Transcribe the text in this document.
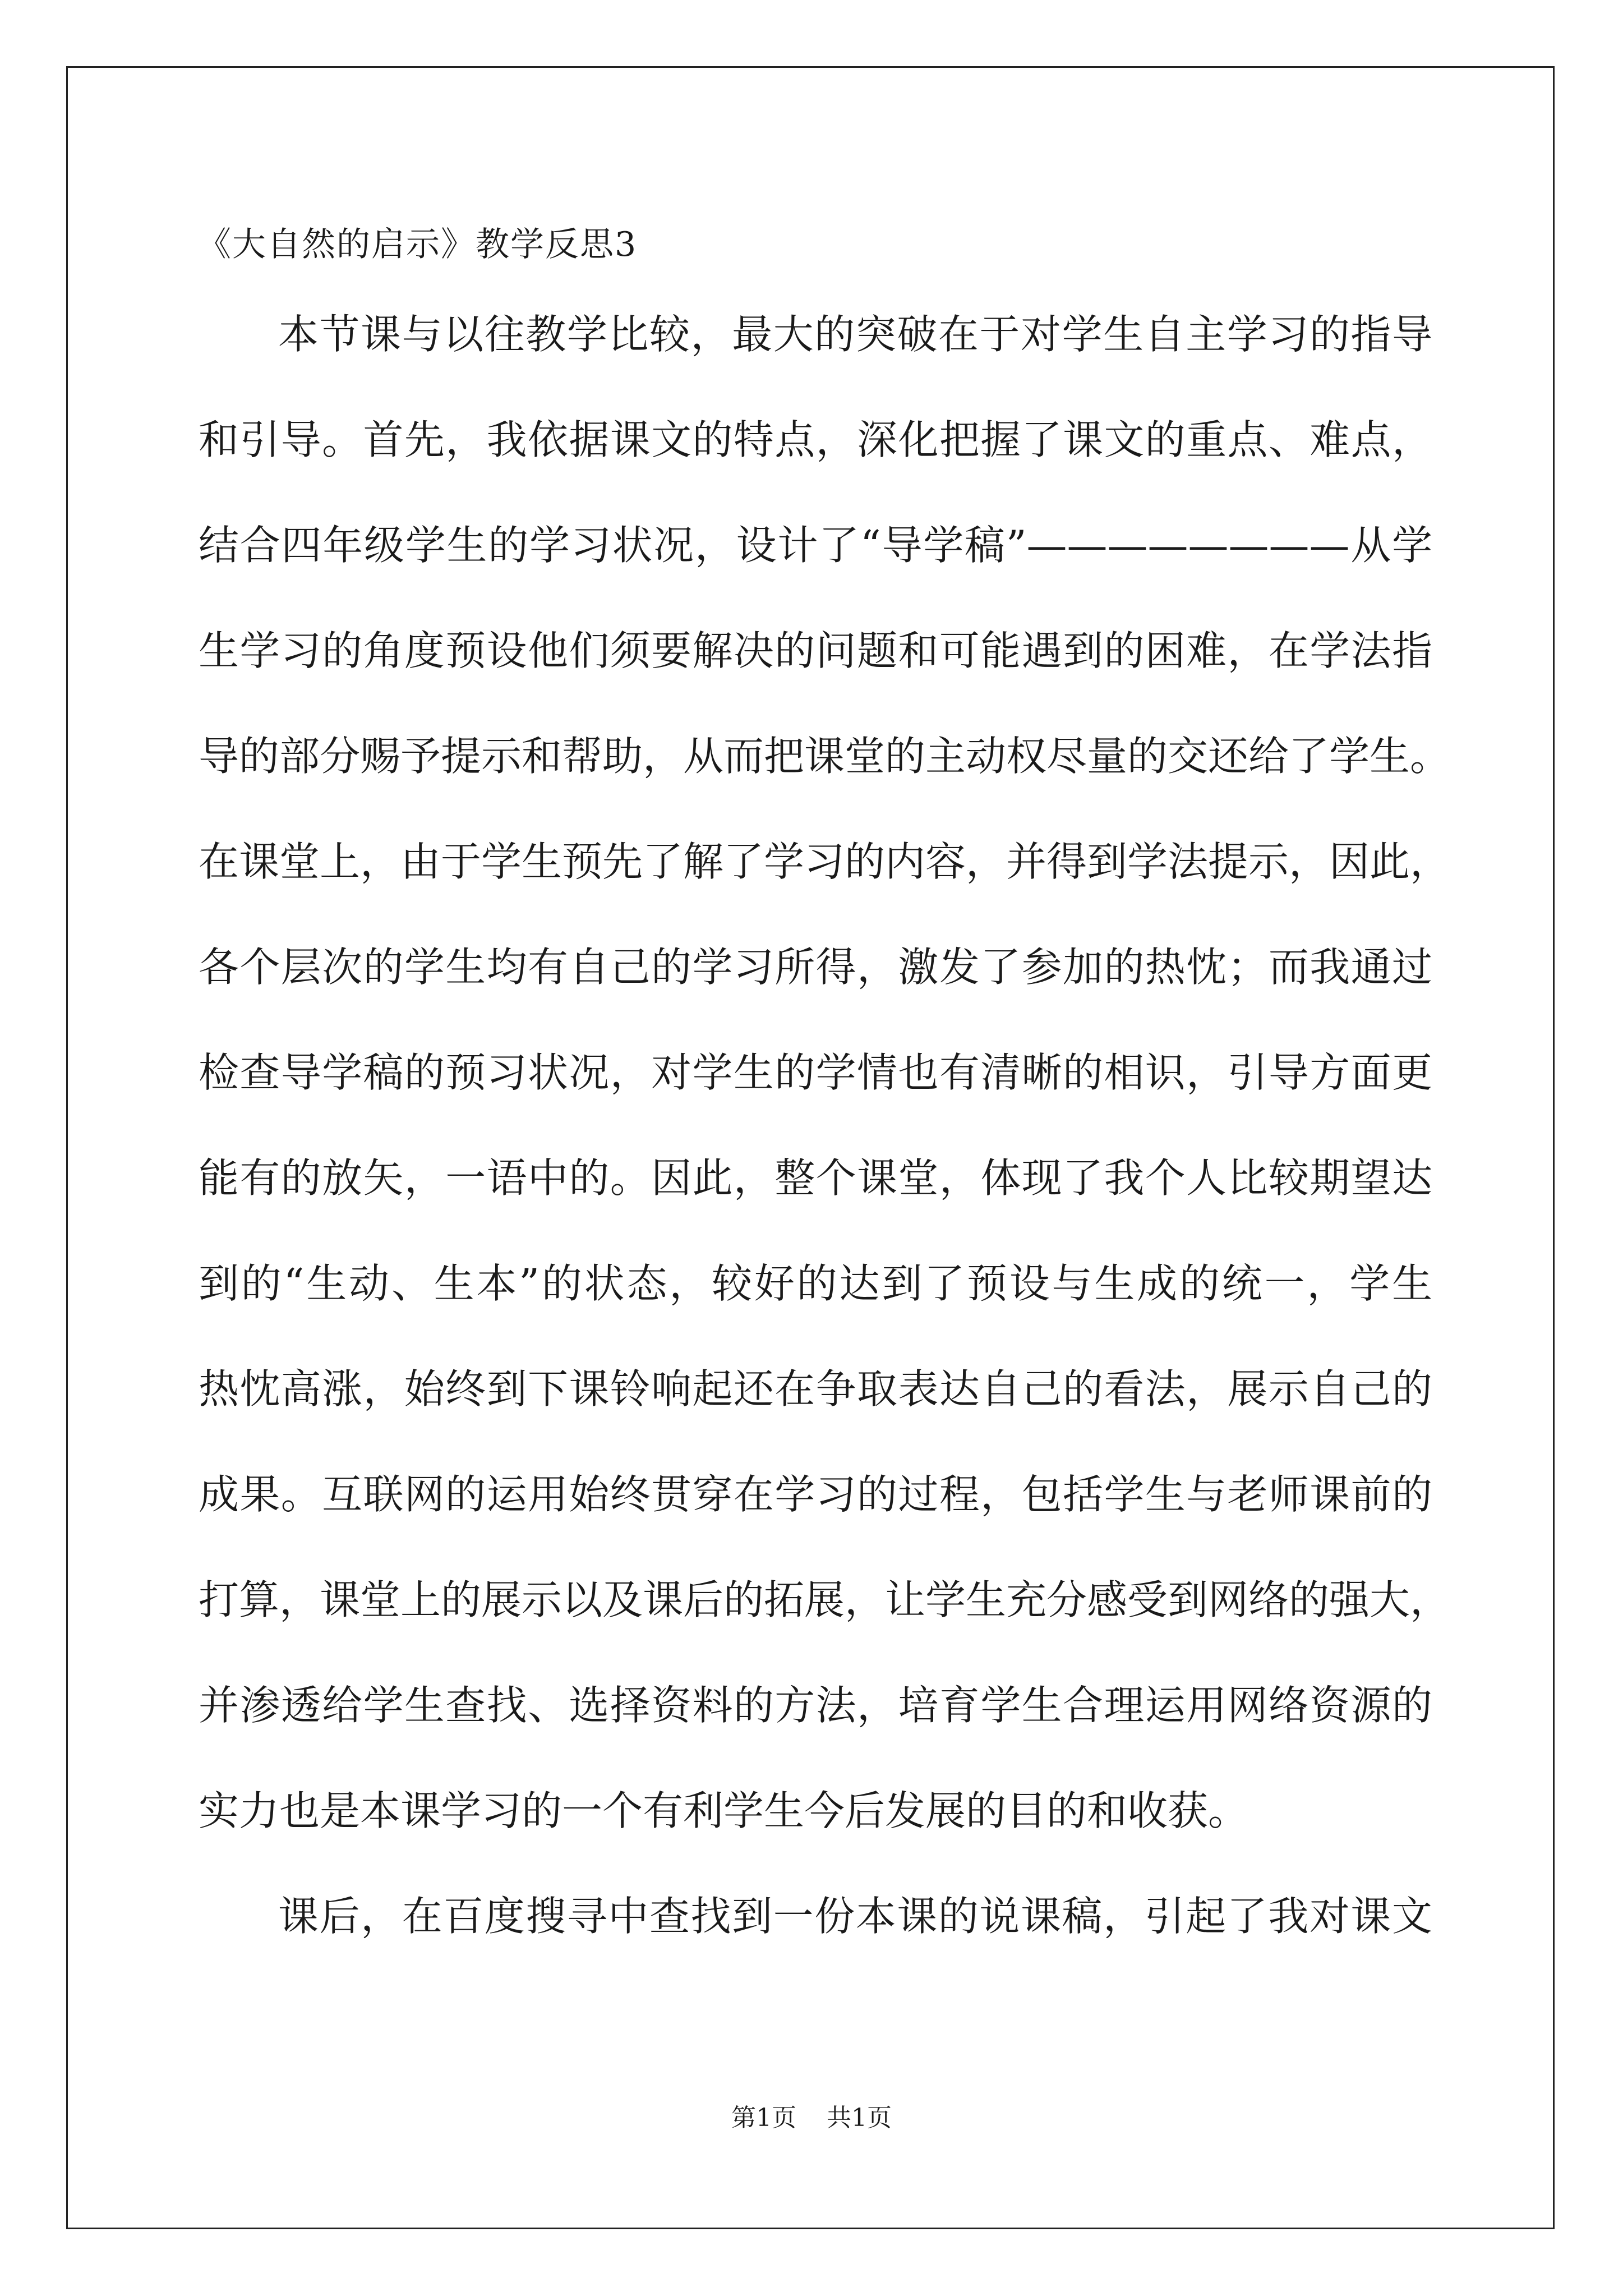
《大自然的启示》教学反思3
本节课与以往教学比较，最大的突破在于对学生自主学习的指导
和引导。首先，我依据课文的特点，深化把握了课文的重点、难点，
结合四年级学生的学习状况，设计了“导学稿”————————从学
生学习的角度预设他们须要解决的问题和可能遇到的困难，在学法指
导的部分赐予提示和帮助，从而把课堂的主动权尽量的交还给了学生。
在课堂上，由于学生预先了解了学习的内容，并得到学法提示，因此，
各个层次的学生均有自己的学习所得，激发了参加的热忱；而我通过
检查导学稿的预习状况，对学生的学情也有清晰的相识，引导方面更
能有的放矢，一语中的。因此，整个课堂，体现了我个人比较期望达
到的“生动、生本”的状态，较好的达到了预设与生成的统一，学生
热忱高涨，始终到下课铃响起还在争取表达自己的看法，展示自己的
成果。互联网的运用始终贯穿在学习的过程，包括学生与老师课前的
打算，课堂上的展示以及课后的拓展，让学生充分感受到网络的强大，
并渗透给学生查找、选择资料的方法，培育学生合理运用网络资源的
实力也是本课学习的一个有利学生今后发展的目的和收获。
课后，在百度搜寻中查找到一份本课的说课稿，引起了我对课文
第1页 共1页
